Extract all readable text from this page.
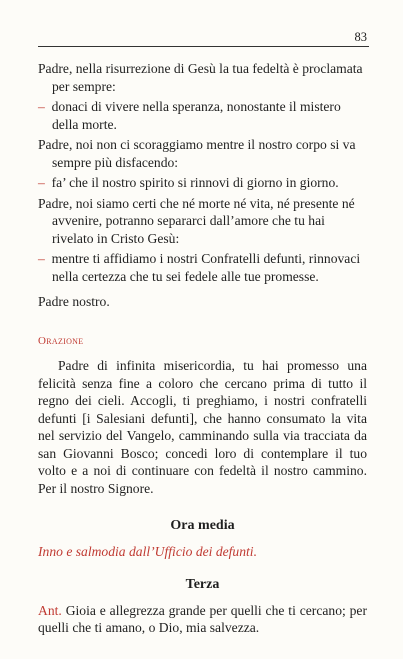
83

Padre, nella risurrezione di Gesù la tua fedeltà è proclamata per sempre:

– donaci di vivere nella speranza, nonostante il mistero della morte.

Padre, noi non ci scoraggiamo mentre il nostro corpo si va sempre più disfacendo:

– fa’ che il nostro spirito si rinnovi di giorno in giorno.

Padre, noi siamo certi che né morte né vita, né presente né avvenire, potranno separarci dall’amore che tu hai rivelato in Cristo Gesù:

– mentre ti affidiamo i nostri Confratelli defunti, rinnovaci nella certezza che tu sei fedele alle tue promesse.

Padre nostro.

Orazione

Padre di infinita misericordia, tu hai promesso una felicità senza fine a coloro che cercano prima di tutto il regno dei cieli. Accogli, ti preghiamo, i nostri confratelli defunti [i Salesiani defunti], che hanno consumato la vita nel servizio del Vangelo, camminando sulla via tracciata da san Giovanni Bosco; concedi loro di contemplare il tuo volto e a noi di continuare con fedeltà il nostro cammino. Per il nostro Signore.

Ora media

Inno e salmodia dall’Ufficio dei defunti.

Terza

Ant. Gioia e allegrezza grande per quelli che ti cercano; per quelli che ti amano, o Dio, mia salvezza.
